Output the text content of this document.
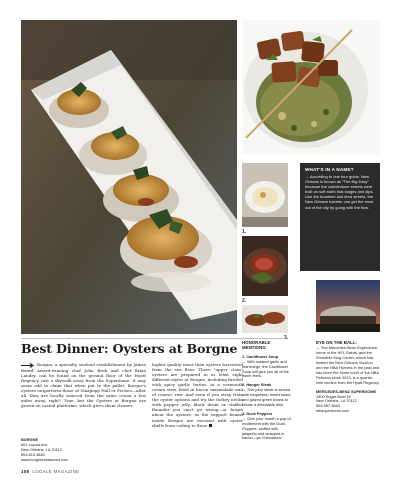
1.
2.
3.
WHAT'S IN A NAME?
→ According to one tour guide, New Orleans is known as "The Big Easy" because the cobblestone streets were built on soft earth that bulges and dips. Like the bumbled and tired streets, the New Orleans traveler can get the most out of the city by going with the flow.
Best Dinner: Oysters at Borgne
Borgne, a specialty seafood establishment by James Beard Award-winning chef John Besh and chef Brian Landry, can be found on the ground floor of the Hyatt Regency, just a skywalk away from the Superdome. It may seem odd to claim that when put to the pallet, Borgne's oysters outperform those of Vinapopp Hall or Pecheo—after all, they are locally sourced from the same ocean a few miles away, right? True, but the Oysters at Borgne are grown on casted platforms, which gives them cleaner,
higher quality meat than oysters harvested from the sea floor. These "upper class" oysters are prepared in at least eight different styles at Borgne, including broiled with spicy garlic butter, in a vermouth cream stew, fried in bacon marmalade and of course, raw. And even if you stray from the oyster options and try the turkey necks with pepper jelly, black drum or stuffed flounder you can't go wrong—or forget about the oysters, as the support beams inside Borgne are encased with oyster shells from ceiling to floor.
BORGNE
601 Loyola Ave
New Orleans, LA 70113
504.613.3860
www.borgnerestaurant.com
HONORABLE MENTIONS:
1. Cauliflower Soup
→ With roasted garlic and manchego, the Cauliflower Soup will give you all of the warm feels.
2. Hanger Steak
→ This juicy steak is served with cinquettes, mushrooms, and glazed green beans to create a delectable dish.
3. Duck Peppers
→ Give your mouth a pop of excitement with the Duck Peppers: stuffed with jalapeño and wrapped in bacon—ya Chihuahua!
EYE ON THE BALL:
→ The Mercedes-Benz Superdome, home of the NFL Saints, and the Smoothie King Center, which has hosted the New Orleans VooDoo and the NBA Hornets in the past and has been the home court of the NBA Pelicans since 2013, is a quarter-mile beeline from the Hyatt Regency.
MERCEDES-BENZ SUPERDOME
1500 Sugar Bowl Dr
New Orleans, LA 70112
504.587.3663
mbsuperdome.com
106 LOCALE MAGAZINE
